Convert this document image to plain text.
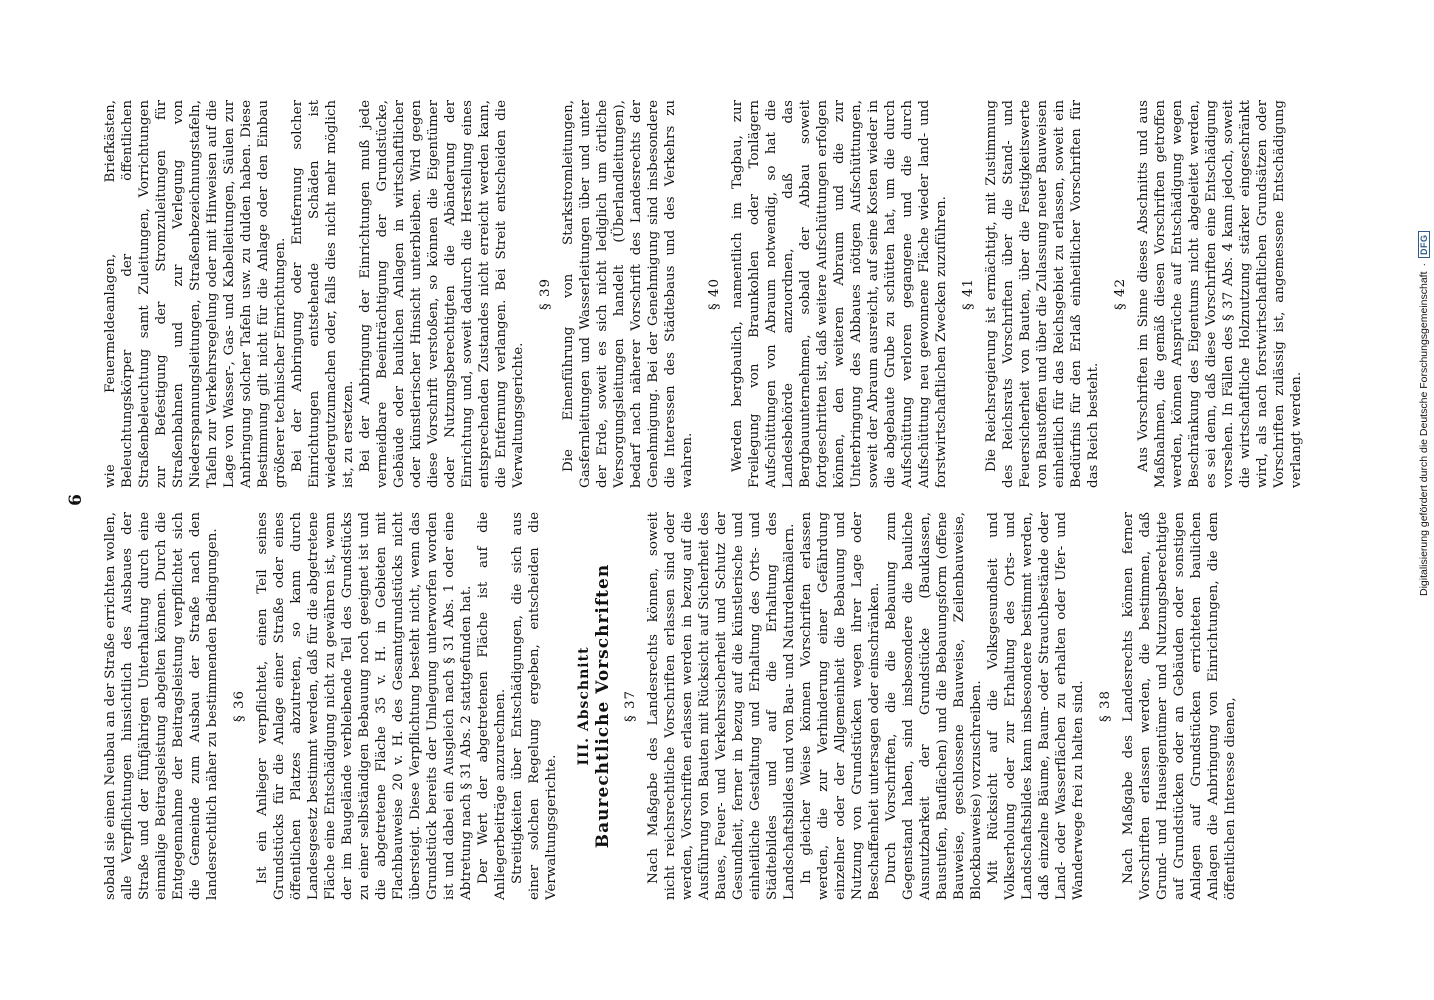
6

sobald sie einen Neubau an der Straße errichten wollen, alle Verpflichtungen hinsichtlich des Ausbaues der Straße und der fünfjährigen Unterhaltung durch eine einmalige Beitragsleistung abgelten können. Durch die Entgegennahme der Beitragsleistung verpflichtet sich die Gemeinde zum Ausbau der Straße nach den landesrechtlich näher zu bestimmenden Bedingungen. § 36 Ist ein Anlieger verpflichtet, einen Teil seines Grundstücks für die Anlage einer Straße oder eines öffentlichen Platzes abzutreten, so kann durch Landesgesetz bestimmt werden, daß für die abgetretene Fläche eine Entschädigung nicht zu gewähren ist, wenn der im Baugelände verbleibende Teil des Grundstücks zu einer selbständigen Bebauung noch geeignet ist und die abgetretene Fläche 35 v. H. in Gebieten mit Flachbauweise 20 v. H. des Gesamtgrundstücks nicht übersteigt. Diese Verpflichtung besteht nicht, wenn das Grundstück bereits der Umlegung unterworfen worden ist und dabei ein Ausgleich nach § 31 Abs. 1 oder eine Abtretung nach § 31 Abs. 2 stattgefunden hat. Der Wert der abgetretenen Fläche ist auf die Anliegerbeiträge anzurechnen. Streitigkeiten über Entschädigungen, die sich aus einer solchen Regelung ergeben, entscheiden die Verwaltungsgerichte.

III. Abschnitt Baurechtliche Vorschriften § 37 Nach Maßgabe des Landesrechts können, soweit nicht reichsrechtliche Vorschriften erlassen sind oder werden, Vorschriften erlassen werden in bezug auf die Ausführung von Bauten mit Rücksicht auf Sicherheit des Baues, Feuer- und Verkehrssicherheit und Schutz der Gesundheit, ferner in bezug auf die künstlerische und einheitliche Gestaltung und Erhaltung des Orts- und Städtebildes und auf die Erhaltung des Landschaftsbildes und von Bau- und Naturdenkmälern. In gleicher Weise können Vorschriften erlassen werden, die zur Verhinderung einer Gefährdung einzelner oder der Allgemeinheit die Bebauung und Nutzung von Grundstücken wegen ihrer Lage oder Beschaffenheit untersagen oder einschränken. Durch Vorschriften, die die Bebauung zum Gegenstand haben, sind insbesondere die bauliche Ausnutzbarkeit der Grundstücke (Bauklassen, Baustufen, Bauflächen) und die Bebauungsform (offene Bauweise, geschlossene Bauweise, Zeilenbauweise, Blockbauweise) vorzuschreiben. Mit Rücksicht auf die Volksgesundheit und Volkserholung oder zur Erhaltung des Orts- und Landschaftsbildes kann insbesondere bestimmt werden, daß einzelne Bäume, Baum- oder Strauchbestände oder Land- oder Wasserflächen zu erhalten oder Ufer- und Wanderwege frei zu halten sind. § 38 Nach Maßgabe des Landesrechts können ferner Vorschriften erlassen werden, die bestimmen, daß Grund- und Hauseigentümer und Nutzungsberechtigte auf Grundstücken oder an Gebäuden oder sonstigen Anlagen auf Grundstücken errichteten baulichen Anlagen die Anbringung von Einrichtungen, die dem öffentlichen Interesse dienen,

wie Feuermeldeanlagen, Briefkästen, Beleuchtungskörper der öffentlichen Straßenbeleuchtung samt Zuleitungen, Vorrichtungen zur Befestigung der Stromzuleitungen für Straßenbahnen und zur Verlegung von Niederspannungsleitungen, Straßenbezeichnungstafeln, Tafeln zur Verkehrsregelung oder mit Hinweisen auf die Lage von Wasser-, Gas- und Kabelleitungen, Säulen zur Anbringung solcher Tafeln usw. zu dulden haben. Diese Bestimmung gilt nicht für die Anlage oder den Einbau größerer technischer Einrichtungen. Bei der Anbringung oder Entfernung solcher Einrichtungen entstehende Schäden ist wiedergutzumachen oder, falls dies nicht mehr möglich ist, zu ersetzen. Bei der Anbringung der Einrichtungen muß jede vermeidbare Beeinträchtigung der Grundstücke, Gebäude oder baulichen Anlagen in wirtschaftlicher oder künstlerischer Hinsicht unterbleiben. Wird gegen diese Vorschrift verstoßen, so können die Eigentümer oder Nutzungsberechtigten die Abänderung der Einrichtung und, soweit dadurch die Herstellung eines entsprechenden Zustandes nicht erreicht werden kann, die Entfernung verlangen. Bei Streit entscheiden die Verwaltungsgerichte.

§ 39 Die Einenführung von Starkstromleitungen, Gasfernleitungen und Wasserleitungen über und unter der Erde, soweit es sich nicht lediglich um örtliche Versorgungsleitungen handelt (Überlandleitungen), bedarf nach näherer Vorschrift des Landesrechts der Genehmigung. Bei der Genehmigung sind insbesondere die Interessen des Städtebaus und des Verkehrs zu wahren.

§ 40 Werden bergbaulich, namentlich im Tagbau, zur Freilegung von Braunkohlen oder Tonlägern Aufschüttungen von Abraum notwendig, so hat die Landesbehörde anzuordnen, daß das Bergbauunternehmen, sobald der Abbau soweit fortgeschritten ist, daß weitere Aufschüttungen erfolgen können, den weiteren Abraum und die zur Unterbringung des Abbaues nötigen Aufschüttungen, soweit der Abraum ausreicht, auf seine Kosten wieder in die abgebaute Grube zu schütten hat, um die durch Aufschüttung verloren gegangene und die durch Aufschüttung neu gewonnene Fläche wieder land- und forstwirtschaftlichen Zwecken zuzuführen. § 41 Die Reichsregierung ist ermächtigt, mit Zustimmung des Reichsrats Vorschriften über die Stand- und Feuersicherheit von Bauten, über die Festigkeitswerte von Baustoffen und über die Zulassung neuer Bauweisen einheitlich für das Reichsgebiet zu erlassen, soweit ein Bedürfnis für den Erlaß einheitlicher Vorschriften für das Reich besteht.

§ 42 Aus Vorschriften im Sinne dieses Abschnitts und aus Maßnahmen, die gemäß diesen Vorschriften getroffen werden, können Ansprüche auf Entschädigung wegen Beschränkung des Eigentums nicht abgeleitet werden, es sei denn, daß diese Vorschriften eine Entschädigung vorsehen. In Fällen des § 37 Abs. 4 kann jedoch, soweit die wirtschaftliche Holznutzung stärker eingeschränkt wird, als nach forstwirtschaftlichen Grundsätzen oder Vorschriften zulässig ist, angemessene Entschädigung verlangt werden.	Digitalisierung gefördert durch die Deutsche Forschungsgemeinschaft
·
DFG
